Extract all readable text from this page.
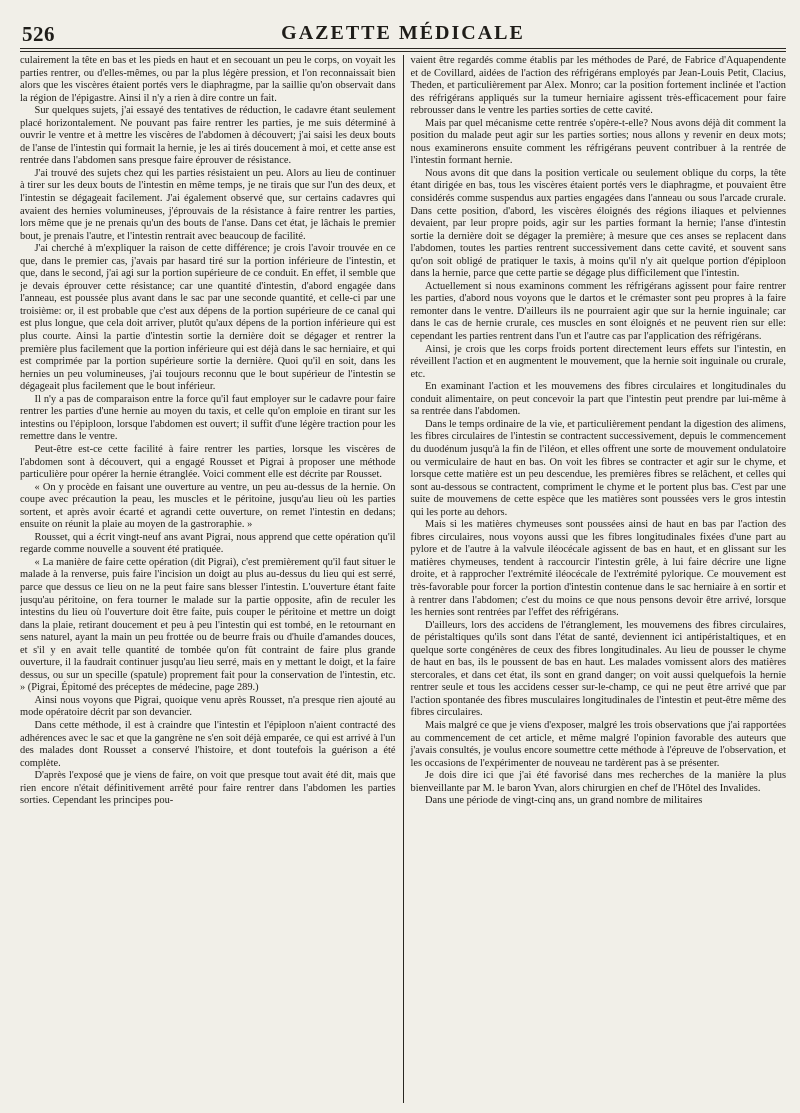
526	GAZETTE MÉDICALE

culairement la tête en bas et les pieds en haut et en secouant un peu le corps, on voyait les parties rentrer, ou d'elles-mêmes, ou par la plus légère pression, et l'on reconnaissait bien alors que les viscères étaient portés vers le diaphragme, par la saillie qu'on observait dans la région de l'épigastre. Ainsi il n'y a rien à dire contre un fait.

Sur quelques sujets, j'ai essayé des tentatives de réduction, le cadavre étant seulement placé horizontalement. Ne pouvant pas faire rentrer les parties, je me suis déterminé à ouvrir le ventre et à mettre les viscères de l'abdomen à découvert; j'ai saisi les deux bouts de l'anse de l'intestin qui formait la hernie, je les ai tirés doucement à moi, et cette anse est rentrée dans l'abdomen sans presque faire éprouver de résistance.

J'ai trouvé des sujets chez qui les parties résistaient un peu. Alors au lieu de continuer à tirer sur les deux bouts de l'intestin en même temps, je ne tirais que sur l'un des deux, et l'intestin se dégageait facilement. J'ai également observé que, sur certains cadavres qui avaient des hernies volumineuses, j'éprouvais de la résistance à faire rentrer les parties, lors même que je ne prenais qu'un des bouts de l'anse. Dans cet état, je lâchais le premier bout, je prenais l'autre, et l'intestin rentrait avec beaucoup de facilité.

J'ai cherché à m'expliquer la raison de cette différence; je crois l'avoir trouvée en ce que, dans le premier cas, j'avais par hasard tiré sur la portion inférieure de l'intestin, et que, dans le second, j'ai agi sur la portion supérieure de ce conduit. En effet, il semble que je devais éprouver cette résistance; car une quantité d'intestin, d'abord engagée dans l'anneau, est poussée plus avant dans le sac par une seconde quantité, et celle-ci par une troisième: or, il est probable que c'est aux dépens de la portion supérieure de ce canal qui est plus longue, que cela doit arriver, plutôt qu'aux dépens de la portion inférieure qui est plus courte. Ainsi la partie d'intestin sortie la dernière doit se dégager et rentrer la première plus facilement que la portion inférieure qui est déjà dans le sac herniaire, et qui est comprimée par la portion supérieure sortie la dernière. Quoi qu'il en soit, dans les hernies un peu volumineuses, j'ai toujours reconnu que le bout supérieur de l'intestin se dégageait plus facilement que le bout inférieur.

Il n'y a pas de comparaison entre la force qu'il faut employer sur le cadavre pour faire rentrer les parties d'une hernie au moyen du taxis, et celle qu'on emploie en tirant sur les intestins ou l'épiploon, lorsque l'abdomen est ouvert; il suffit d'une légère traction pour les remettre dans le ventre.

Peut-être est-ce cette facilité à faire rentrer les parties, lorsque les viscères de l'abdomen sont à découvert, qui a engagé Rousset et Pigrai à proposer une méthode particulière pour opérer la hernie étranglée. Voici comment elle est décrite par Rousset.

« On y procède en faisant une ouverture au ventre, un peu au-dessus de la hernie. On coupe avec précaution la peau, les muscles et le péritoine, jusqu'au lieu où les parties sortent, et après avoir écarté et agrandi cette ouverture, on remet l'intestin en dedans; ensuite on réunit la plaie au moyen de la gastroraphie. »

Rousset, qui a écrit vingt-neuf ans avant Pigrai, nous apprend que cette opération qu'il regarde comme nouvelle a souvent été pratiquée.

« La manière de faire cette opération (dit Pigrai), c'est premièrement qu'il faut situer le malade à la renverse, puis faire l'incision un doigt au plus au-dessus du lieu qui est serré, parce que dessus ce lieu on ne la peut faire sans blesser l'intestin. L'ouverture étant faite jusqu'au péritoine, on fera tourner le malade sur la partie opposite, afin de reculer les intestins du lieu où l'ouverture doit être faite, puis couper le péritoine et mettre un doigt dans la plaie, retirant doucement et peu à peu l'intestin qui est tombé, en le retournant en sens naturel, ayant la main un peu frottée ou de beurre frais ou d'huile d'amandes douces, et s'il y en avait telle quantité de tombée qu'on fût contraint de faire plus grande ouverture, il la faudrait continuer jusqu'au lieu serré, mais en y mettant le doigt, et la faire dessus, ou sur un specille (spatule) proprement fait pour la conservation de l'intestin, etc. » (Pigrai, Épitomé des préceptes de médecine, page 289.)

Ainsi nous voyons que Pigrai, quoique venu après Rousset, n'a presque rien ajouté au mode opératoire décrit par son devancier.

Dans cette méthode, il est à craindre que l'intestin et l'épiploon n'aient contracté des adhérences avec le sac et que la gangrène ne s'en soit déjà emparée, ce qui est arrivé à l'un des malades dont Rousset a conservé l'histoire, et dont toutefois la guérison a été complète.

D'après l'exposé que je viens de faire, on voit que presque tout avait été dit, mais que rien encore n'était définitivement arrêté pour faire rentrer dans l'abdomen les parties sorties. Cependant les principes pou-

vaient être regardés comme établis par les méthodes de Paré, de Fabrice d'Aquapendente et de Covillard, aidées de l'action des réfrigérans employés par Jean-Louis Petit, Clacius, Theden, et particulièrement par Alex. Monro; car la position fortement inclinée et l'action des réfrigérans appliqués sur la tumeur herniaire agissent très-efficacement pour faire rebrousser dans le ventre les parties sorties de cette cavité.

Mais par quel mécanisme cette rentrée s'opère-t-elle? Nous avons déjà dit comment la position du malade peut agir sur les parties sorties; nous allons y revenir en deux mots; nous examinerons ensuite comment les réfrigérans peuvent contribuer à la rentrée de l'intestin formant hernie.

Nous avons dit que dans la position verticale ou seulement oblique du corps, la tête étant dirigée en bas, tous les viscères étaient portés vers le diaphragme, et pouvaient être considérés comme suspendus aux parties engagées dans l'anneau ou sous l'arcade crurale. Dans cette position, d'abord, les viscères éloignés des régions iliaques et pelviennes devaient, par leur propre poids, agir sur les parties formant la hernie; l'anse d'intestin sortie la dernière doit se dégager la première; à mesure que ces anses se replacent dans l'abdomen, toutes les parties rentrent successivement dans cette cavité, et souvent sans qu'on soit obligé de pratiquer le taxis, à moins qu'il n'y ait quelque portion d'épiploon dans la hernie, parce que cette partie se dégage plus difficilement que l'intestin.

Actuellement si nous examinons comment les réfrigérans agissent pour faire rentrer les parties, d'abord nous voyons que le dartos et le crémaster sont peu propres à la faire remonter dans le ventre. D'ailleurs ils ne pourraient agir que sur la hernie inguinale; car dans le cas de hernie crurale, ces muscles en sont éloignés et ne peuvent rien sur elle: cependant les parties rentrent dans l'un et l'autre cas par l'application des réfrigérans.

Ainsi, je crois que les corps froids portent directement leurs effets sur l'intestin, en réveillent l'action et en augmentent le mouvement, que la hernie soit inguinale ou crurale, etc.

En examinant l'action et les mouvemens des fibres circulaires et longitudinales du conduit alimentaire, on peut concevoir la part que l'intestin peut prendre par lui-même à sa rentrée dans l'abdomen.

Dans le temps ordinaire de la vie, et particulièrement pendant la digestion des alimens, les fibres circulaires de l'intestin se contractent successivement, depuis le commencement du duodénum jusqu'à la fin de l'iléon, et elles offrent une sorte de mouvement ondulatoire ou vermiculaire de haut en bas. On voit les fibres se contracter et agir sur le chyme, et lorsque cette matière est un peu descendue, les premières fibres se relâchent, et celles qui sont au-dessous se contractent, compriment le chyme et le portent plus bas. C'est par une suite de mouvemens de cette espèce que les matières sont poussées vers le gros intestin qui les porte au dehors.

Mais si les matières chymeuses sont poussées ainsi de haut en bas par l'action des fibres circulaires, nous voyons aussi que les fibres longitudinales fixées d'une part au pylore et de l'autre à la valvule iléocécale agissent de bas en haut, et en glissant sur les matières chymeuses, tendent à raccourcir l'intestin grêle, à lui faire décrire une ligne droite, et à rapprocher l'extrémité iléocécale de l'extrémité pylorique. Ce mouvement est très-favorable pour forcer la portion d'intestin contenue dans le sac herniaire à en sortir et à rentrer dans l'abdomen; c'est du moins ce que nous pensons devoir être arrivé, lorsque les hernies sont rentrées par l'effet des réfrigérans.

D'ailleurs, lors des accidens de l'étranglement, les mouvemens des fibres circulaires, de péristaltiques qu'ils sont dans l'état de santé, deviennent ici antipéristaltiques, et en quelque sorte congénères de ceux des fibres longitudinales. Au lieu de pousser le chyme de haut en bas, ils le poussent de bas en haut. Les malades vomissent alors des matières stercorales, et dans cet état, ils sont en grand danger; on voit aussi quelquefois la hernie rentrer seule et tous les accidens cesser sur-le-champ, ce qui ne peut être arrivé que par l'action spontanée des fibres musculaires longitudinales de l'intestin et peut-être même des fibres circulaires.

Mais malgré ce que je viens d'exposer, malgré les trois observations que j'ai rapportées au commencement de cet article, et même malgré l'opinion favorable des auteurs que j'avais consultés, je voulus encore soumettre cette méthode à l'épreuve de l'observation, et les occasions de l'expérimenter de nouveau ne tardèrent pas à se présenter.

Je dois dire ici que j'ai été favorisé dans mes recherches de la manière la plus bienveillante par M. le baron Yvan, alors chirurgien en chef de l'Hôtel des Invalides.

Dans une période de vingt-cinq ans, un grand nombre de militaires
